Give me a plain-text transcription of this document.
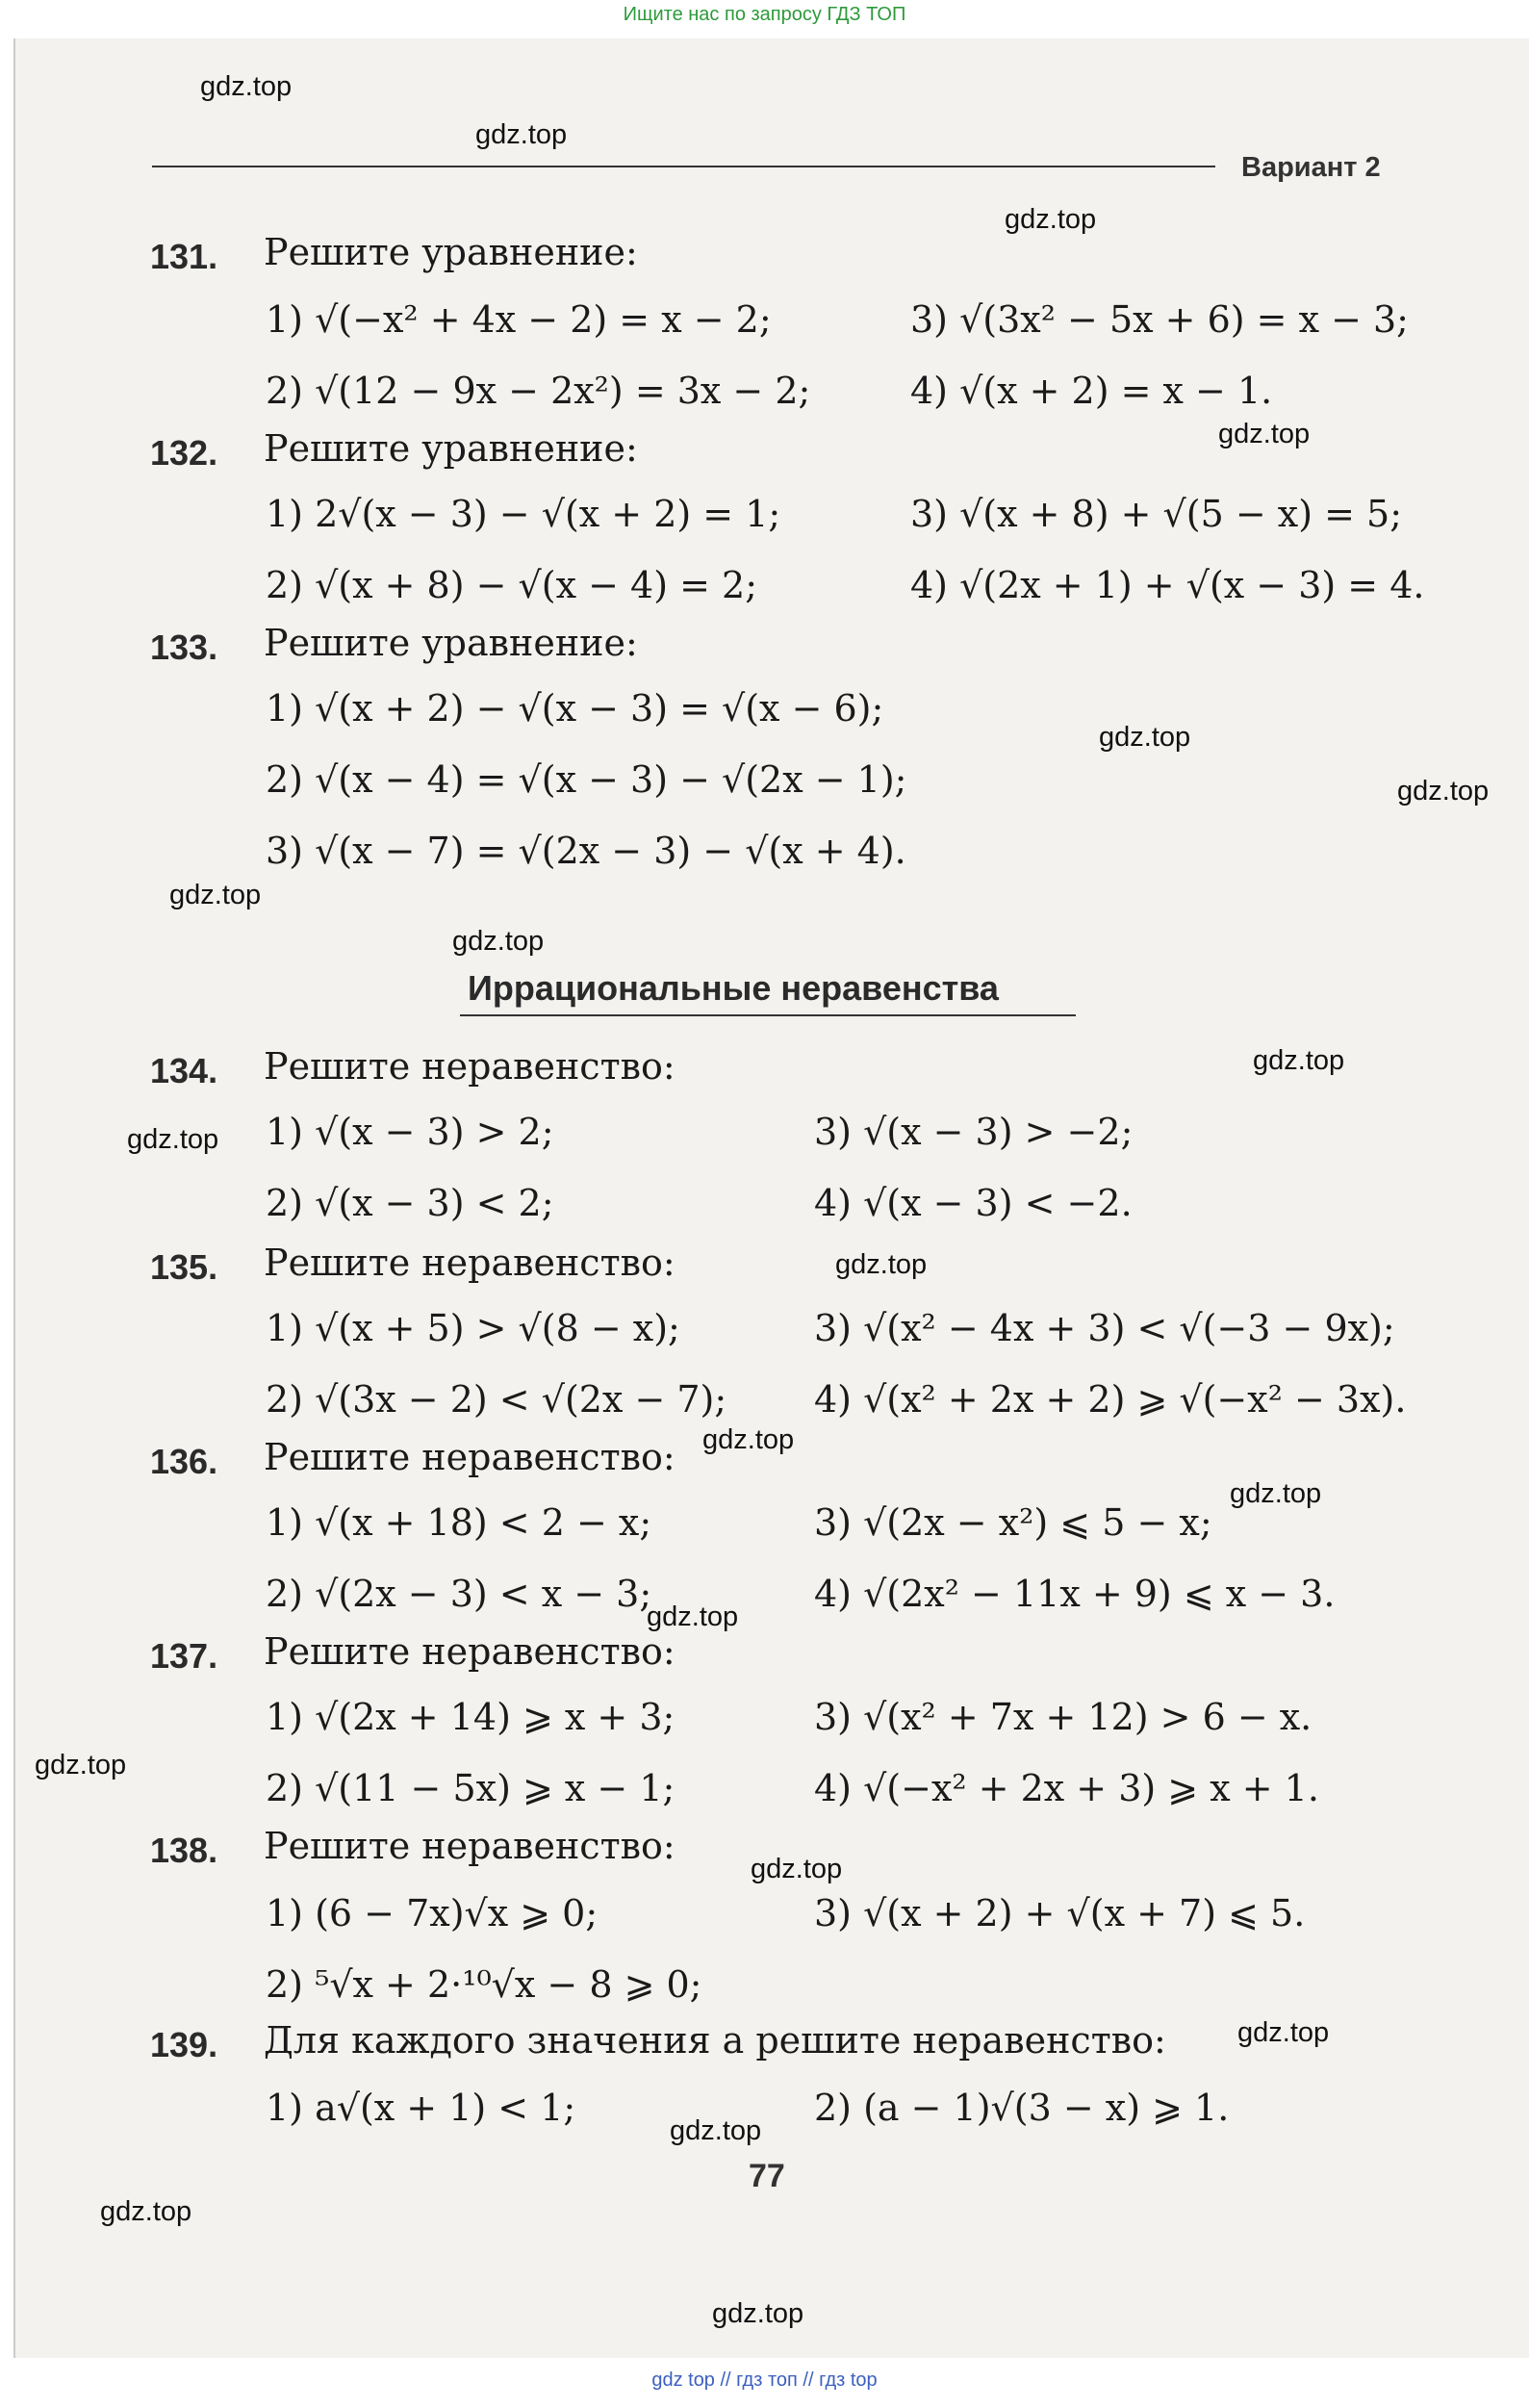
Ищите нас по запросу ГДЗ ТОП
Вариант 2
gdz.top
gdz.top
gdz.top
gdz.top
gdz.top
gdz.top
gdz.top
gdz.top
gdz.top
gdz.top
gdz.top
gdz.top
gdz.top
gdz.top
gdz.top
gdz.top
gdz.top
gdz.top
gdz.top
gdz.top
131. Решите уравнение:
1) √(−x² + 4x − 2) = x − 2;	3) √(3x² − 5x + 6) = x − 3;
2) √(12 − 9x − 2x²) = 3x − 2;	4) √(x + 2) = x − 1.
132. Решите уравнение:
1) 2√(x − 3) − √(x + 2) = 1;	3) √(x + 8) + √(5 − x) = 5;
2) √(x + 8) − √(x − 4) = 2;	4) √(2x + 1) + √(x − 3) = 4.
133. Решите уравнение:
1) √(x + 2) − √(x − 3) = √(x − 6);
2) √(x − 4) = √(x − 3) − √(2x − 1);
3) √(x − 7) = √(2x − 3) − √(x + 4).
Иррациональные неравенства
134. Решите неравенство:
1) √(x − 3) > 2;	3) √(x − 3) > −2;
2) √(x − 3) < 2;	4) √(x − 3) < −2.
135. Решите неравенство:
1) √(x + 5) > √(8 − x);	3) √(x² − 4x + 3) < √(−3 − 9x);
2) √(3x − 2) < √(2x − 7); 4) √(x² + 2x + 2) ⩾ √(−x² − 3x).
136. Решите неравенство:
1) √(x + 18) < 2 − x;	3) √(2x − x²) ⩽ 5 − x;
2) √(2x − 3) < x − 3;	4) √(2x² − 11x + 9) ⩽ x − 3.
137. Решите неравенство:
1) √(2x + 14) ⩾ x + 3;	3) √(x² + 7x + 12) > 6 − x.
2) √(11 − 5x) ⩾ x − 1;	4) √(−x² + 2x + 3) ⩾ x + 1.
138. Решите неравенство:
1) (6 − 7x)√x ⩾ 0;	3) √(x + 2) + √(x + 7) ⩽ 5.
2) ⁵√x + 2·¹⁰√x − 8 ⩾ 0;
139. Для каждого значения a решите неравенство:
1) a√(x + 1) < 1;	2) (a − 1)√(3 − x) ⩾ 1.
77
gdz top // гдз топ // гдз top
